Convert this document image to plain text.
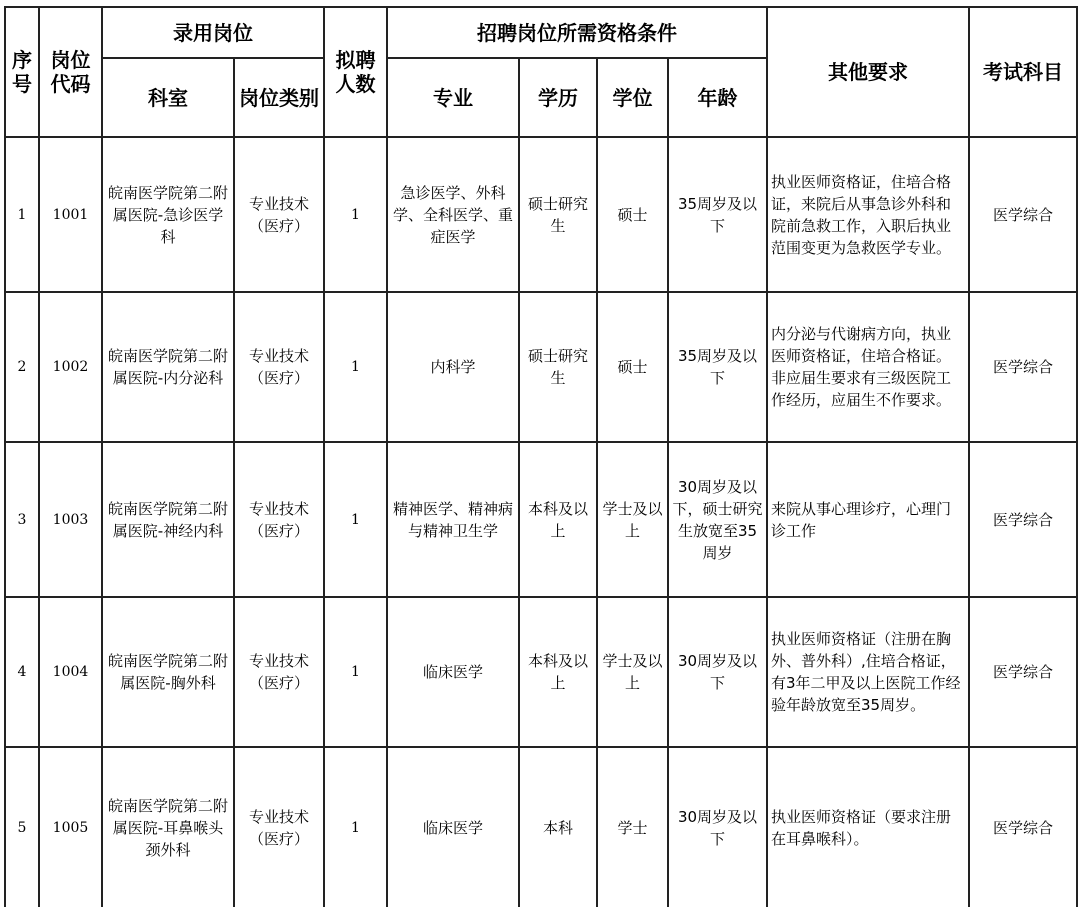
序号	岗位代码	录用岗位		拟聘人数	招聘岗位所需资格条件				其他要求	考试科目
		科室	岗位类别		专业	学历	学位	年龄		
1	1001	皖南医学院第二附属医院-急诊医学科	专业技术（医疗）	1	急诊医学、外科学、全科医学、重症医学	硕士研究生	硕士	35周岁及以下	执业医师资格证，住培合格证，来院后从事急诊外科和院前急救工作，入职后执业范围变更为急救医学专业。	医学综合
2	1002	皖南医学院第二附属医院-内分泌科	专业技术（医疗）	1	内科学	硕士研究生	硕士	35周岁及以下	内分泌与代谢病方向，执业医师资格证，住培合格证。非应届生要求有三级医院工作经历，应届生不作要求。	医学综合
3	1003	皖南医学院第二附属医院-神经内科	专业技术（医疗）	1	精神医学、精神病与精神卫生学	本科及以上	学士及以上	30周岁及以下，硕士研究生放宽至35周岁	来院从事心理诊疗，心理门诊工作	医学综合
4	1004	皖南医学院第二附属医院-胸外科	专业技术（医疗）	1	临床医学	本科及以上	学士及以上	30周岁及以下	执业医师资格证（注册在胸外、普外科）,住培合格证，有3年二甲及以上医院工作经验年龄放宽至35周岁。	医学综合
5	1005	皖南医学院第二附属医院-耳鼻喉头颈外科	专业技术（医疗）	1	临床医学	本科	学士	30周岁及以下	执业医师资格证（要求注册在耳鼻喉科）。	医学综合
